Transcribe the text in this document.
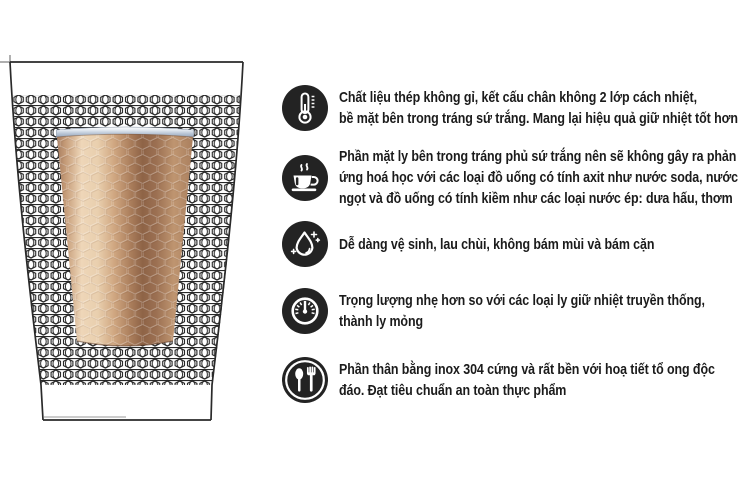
Chất liệu thép không gỉ, kết cấu chân không 2 lớp cách nhiệt,
bề mặt bên trong tráng sứ trắng. Mang lại hiệu quả giữ nhiệt tốt hơn
Phần mặt ly bên trong tráng phủ sứ trắng nên sẽ không gây ra phản
ứng hoá học với các loại đồ uống có tính axit như nước soda, nước
ngọt và đồ uống có tính kiềm như các loại nước ép: dưa hấu, thơm
Dễ dàng vệ sinh, lau chùi, không bám mùi và bám cặn
Trọng lượng nhẹ hơn so với các loại ly giữ nhiệt truyền thống,
thành ly mỏng
Phần thân bằng inox 304 cứng và rất bền với hoạ tiết tổ ong độc
đáo. Đạt tiêu chuẩn an toàn thực phẩm
